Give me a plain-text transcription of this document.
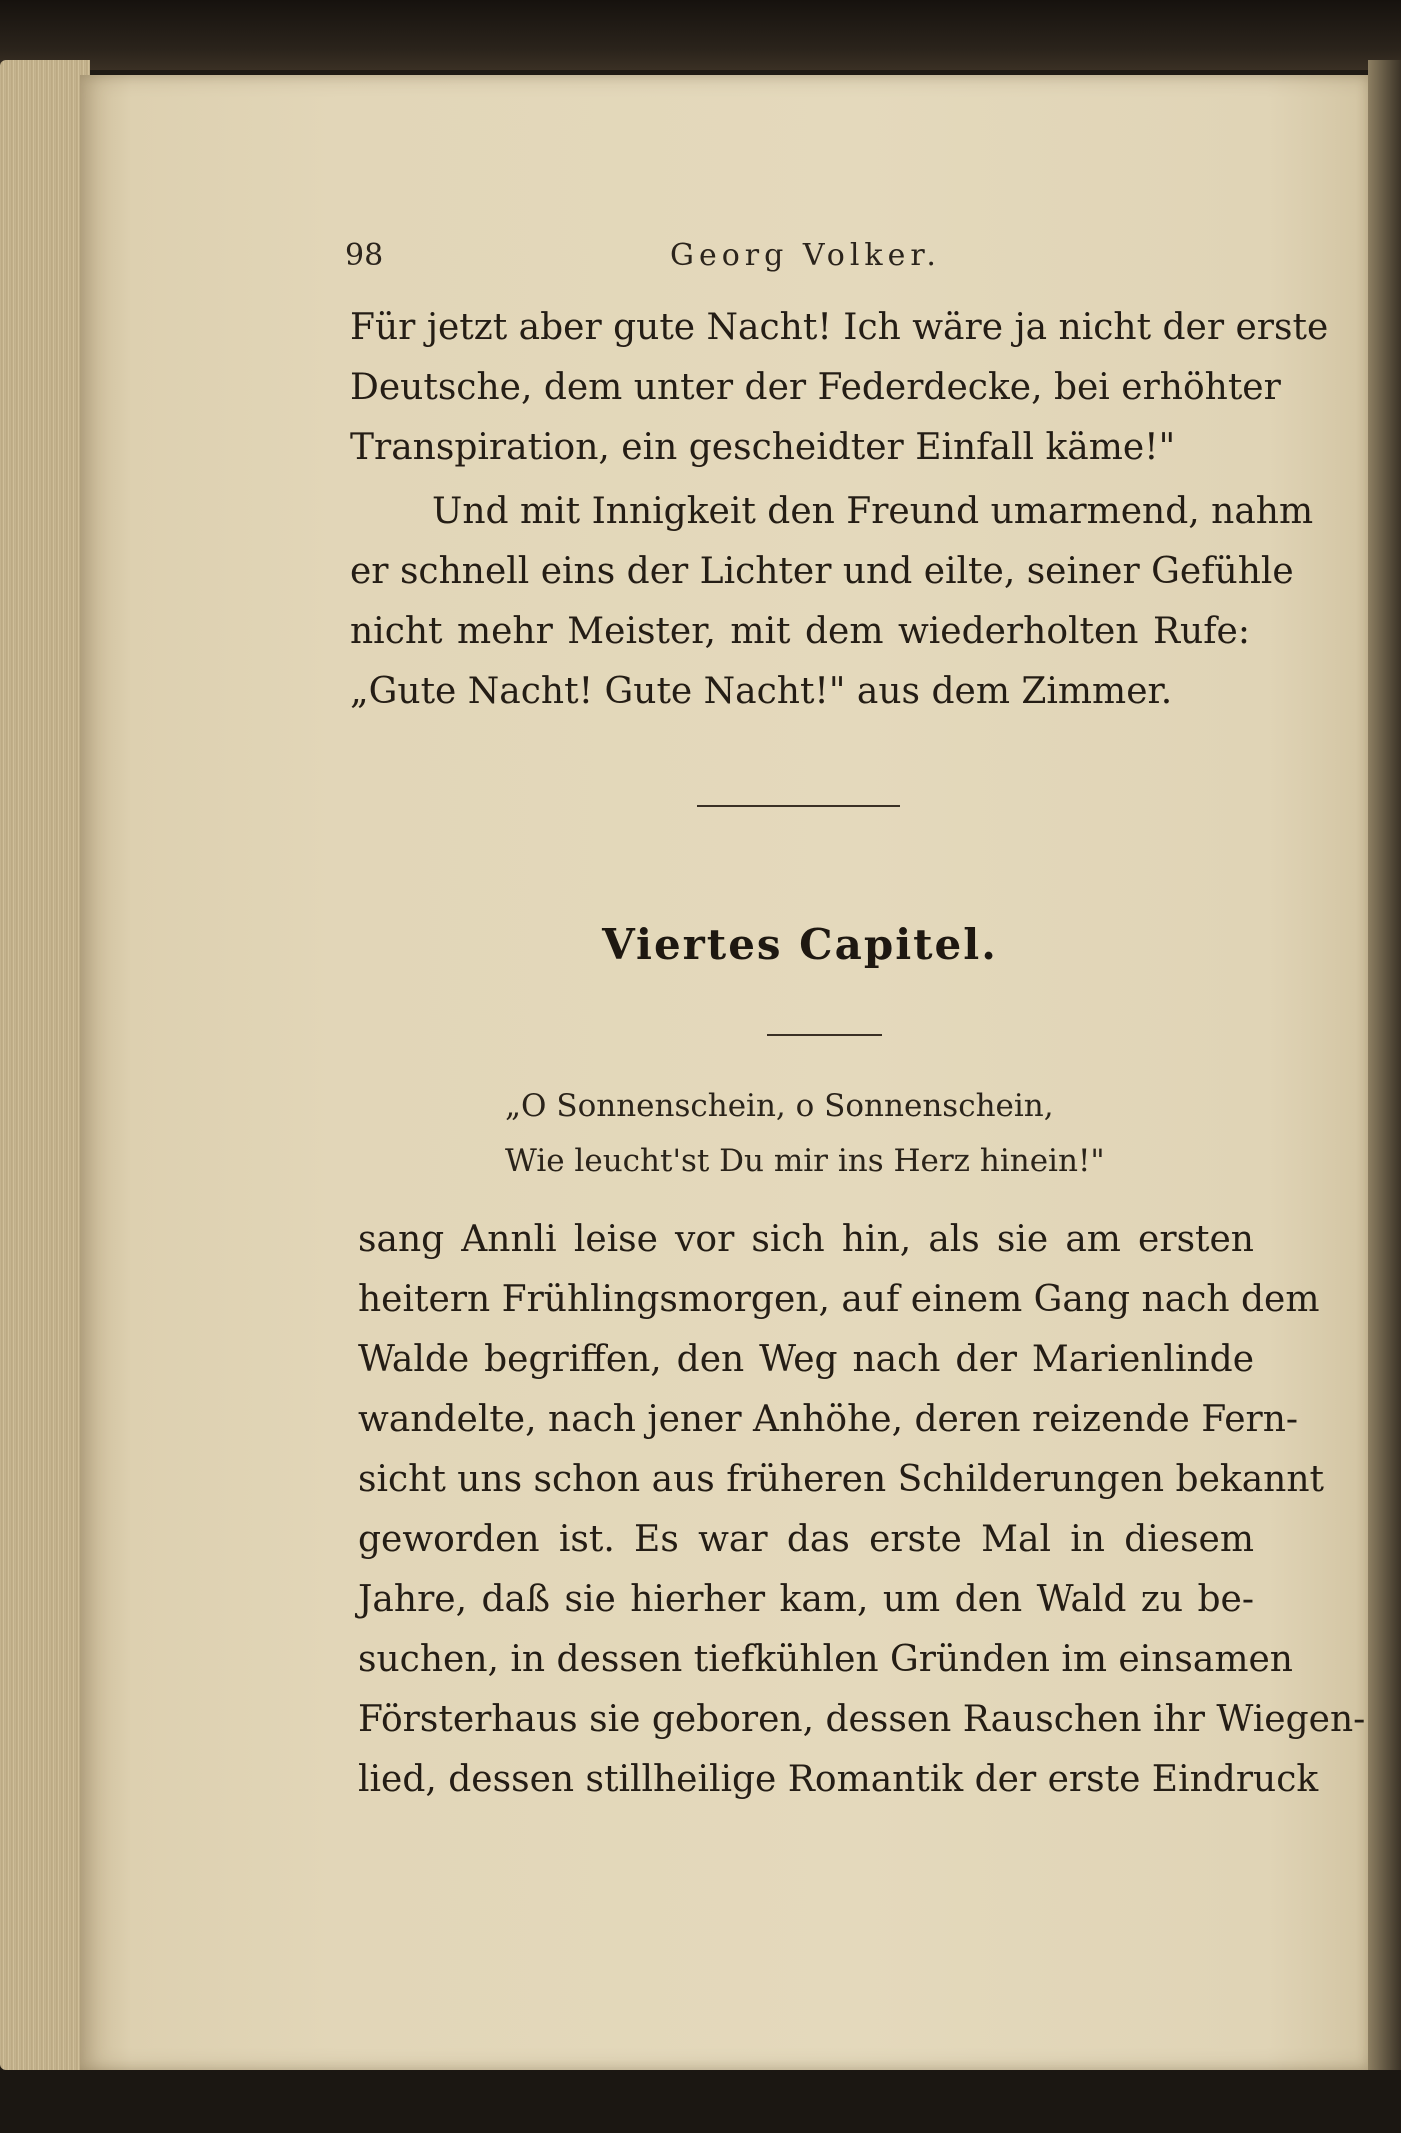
98	Georg Volker.
Für jetzt aber gute Nacht! Ich wäre ja nicht der erste
Deutsche, dem unter der Federdecke, bei erhöhter
Transpiration, ein gescheidter Einfall käme!"
Und mit Innigkeit den Freund umarmend, nahm
er schnell eins der Lichter und eilte, seiner Gefühle
nicht mehr Meister, mit dem wiederholten Rufe:
„Gute Nacht! Gute Nacht!" aus dem Zimmer.
Viertes Capitel.
„O Sonnenschein, o Sonnenschein,
Wie leucht'st Du mir ins Herz hinein!"
sang Annli leise vor sich hin, als sie am ersten
heitern Frühlingsmorgen, auf einem Gang nach dem
Walde begriffen, den Weg nach der Marienlinde
wandelte, nach jener Anhöhe, deren reizende Fern-
sicht uns schon aus früheren Schilderungen bekannt
geworden ist. Es war das erste Mal in diesem
Jahre, daß sie hierher kam, um den Wald zu be-
suchen, in dessen tiefkühlen Gründen im einsamen
Försterhaus sie geboren, dessen Rauschen ihr Wiegen-
lied, dessen stillheilige Romantik der erste Eindruck
